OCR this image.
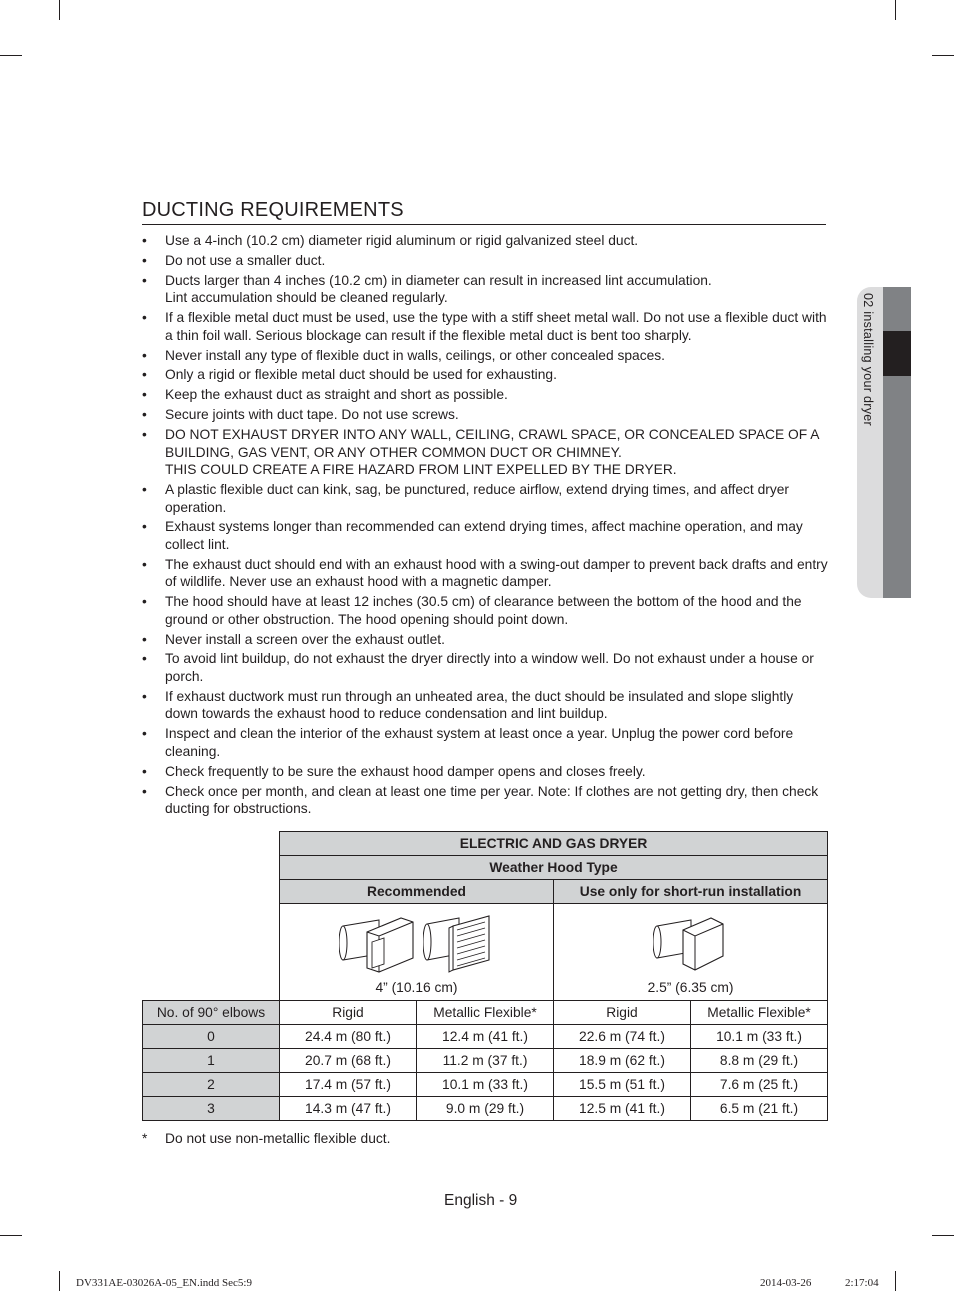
02 installing your dryer
DUCTING REQUIREMENTS
• Use a 4-inch (10.2 cm) diameter rigid aluminum or rigid galvanized steel duct.
• Do not use a smaller duct.
• Ducts larger than 4 inches (10.2 cm) in diameter can result in increased lint accumulation.
Lint accumulation should be cleaned regularly.
• If a flexible metal duct must be used, use the type with a stiff sheet metal wall. Do not use a flexible duct with a thin foil wall. Serious blockage can result if the flexible metal duct is bent too sharply.
• Never install any type of flexible duct in walls, ceilings, or other concealed spaces.
• Only a rigid or flexible metal duct should be used for exhausting.
• Keep the exhaust duct as straight and short as possible.
• Secure joints with duct tape. Do not use screws.
• DO NOT EXHAUST DRYER INTO ANY WALL, CEILING, CRAWL SPACE, OR CONCEALED SPACE OF A BUILDING, GAS VENT, OR ANY OTHER COMMON DUCT OR CHIMNEY.
THIS COULD CREATE A FIRE HAZARD FROM LINT EXPELLED BY THE DRYER.
• A plastic flexible duct can kink, sag, be punctured, reduce airflow, extend drying times, and affect dryer operation.
• Exhaust systems longer than recommended can extend drying times, affect machine operation, and may collect lint.
• The exhaust duct should end with an exhaust hood with a swing-out damper to prevent back drafts and entry of wildlife. Never use an exhaust hood with a magnetic damper.
• The hood should have at least 12 inches (30.5 cm) of clearance between the bottom of the hood and the ground or other obstruction. The hood opening should point down.
• Never install a screen over the exhaust outlet.
• To avoid lint buildup, do not exhaust the dryer directly into a window well. Do not exhaust under a house or porch.
• If exhaust ductwork must run through an unheated area, the duct should be insulated and slope slightly down towards the exhaust hood to reduce condensation and lint buildup.
• Inspect and clean the interior of the exhaust system at least once a year. Unplug the power cord before cleaning.
• Check frequently to be sure the exhaust hood damper opens and closes freely.
• Check once per month, and clean at least one time per year. Note: If clothes are not getting dry, then check ducting for obstructions.
	ELECTRIC AND GAS DRYER			
	Weather Hood Type			
	Recommended		Use only for short-run installation	

	4” (10.16 cm)		2.5” (6.35 cm)	

No. of 90° elbows	Rigid	Metallic Flexible*	Rigid	Metallic Flexible*
0	24.4 m (80 ft.)	12.4 m (41 ft.)	22.6 m (74 ft.)	10.1 m (33 ft.)
1	20.7 m (68 ft.)	11.2 m (37 ft.)	18.9 m (62 ft.)	8.8 m (29 ft.)
2	17.4 m (57 ft.)	10.1 m (33 ft.)	15.5 m (51 ft.)	7.6 m (25 ft.)
3	14.3 m (47 ft.)	9.0 m (29 ft.)	12.5 m (41 ft.)	6.5 m (21 ft.)
* Do not use non-metallic flexible duct.
English - 9
DV331AE-03026A-05_EN.indd Sec5:9	2014-03-26	2:17:04
